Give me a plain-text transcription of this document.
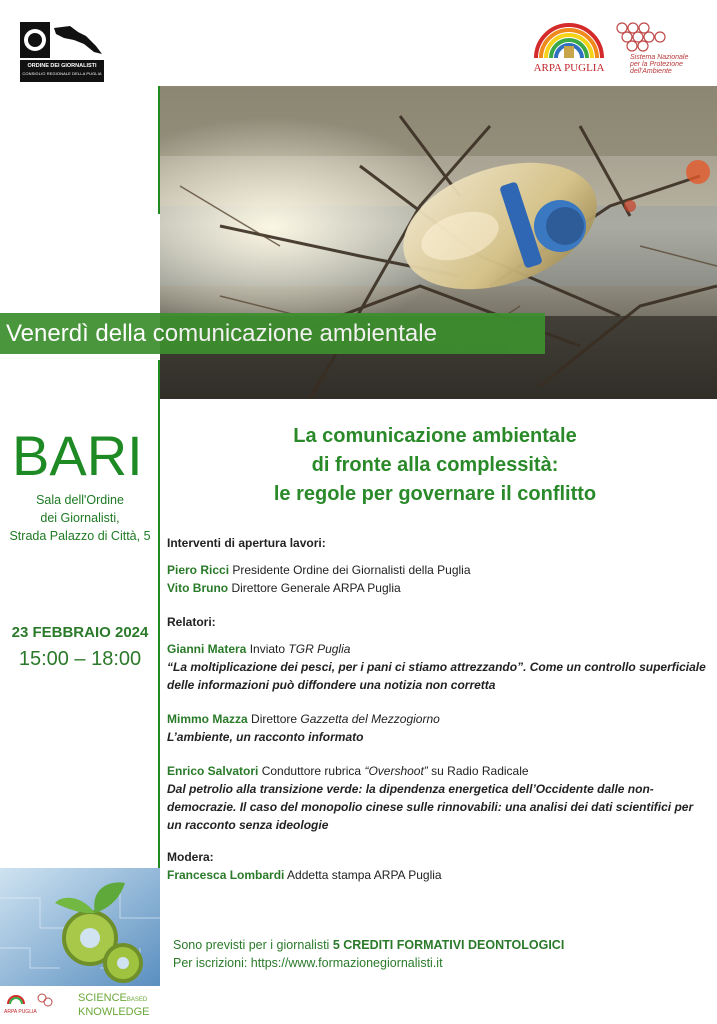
ORDINE DEI GIORNALISTI
CONSIGLIO REGIONALE DELLA PUGLIA	ARPA PUGLIA
Sistema Nazionale
per la Protezione
dell'Ambiente
Venerdì della comunicazione ambientale
BARI
Sala dell'Ordine
dei Giornalisti,
Strada Palazzo di Città, 5
23 FEBBRAIO 2024
15:00 – 18:00
La comunicazione ambientale
di fronte alla complessità:
le regole per governare il conflitto
Interventi di apertura lavori:
Piero Ricci Presidente Ordine dei Giornalisti della Puglia
Vito Bruno Direttore Generale ARPA Puglia
Relatori:
Gianni Matera Inviato TGR Puglia
“La moltiplicazione dei pesci, per i pani ci stiamo attrezzando”. Come un controllo superficiale delle informazioni può diffondere una notizia non corretta
Mimmo Mazza Direttore Gazzetta del Mezzogiorno
L’ambiente, un racconto informato
Enrico Salvatori Conduttore rubrica “Overshoot” su Radio Radicale
Dal petrolio alla transizione verde: la dipendenza energetica dell’Occidente dalle non-democrazie. Il caso del monopolio cinese sulle rinnovabili: una analisi dei dati scientifici per un racconto senza ideologie
Modera:
Francesca Lombardi Addetta stampa ARPA Puglia
Sono previsti per i giornalisti 5 CREDITI FORMATIVI DEONTOLOGICI
Per iscrizioni: https://www.formazionegiornalisti.it
ARPA PUGLIA
SCIENCEBASED
KNOWLEDGE
